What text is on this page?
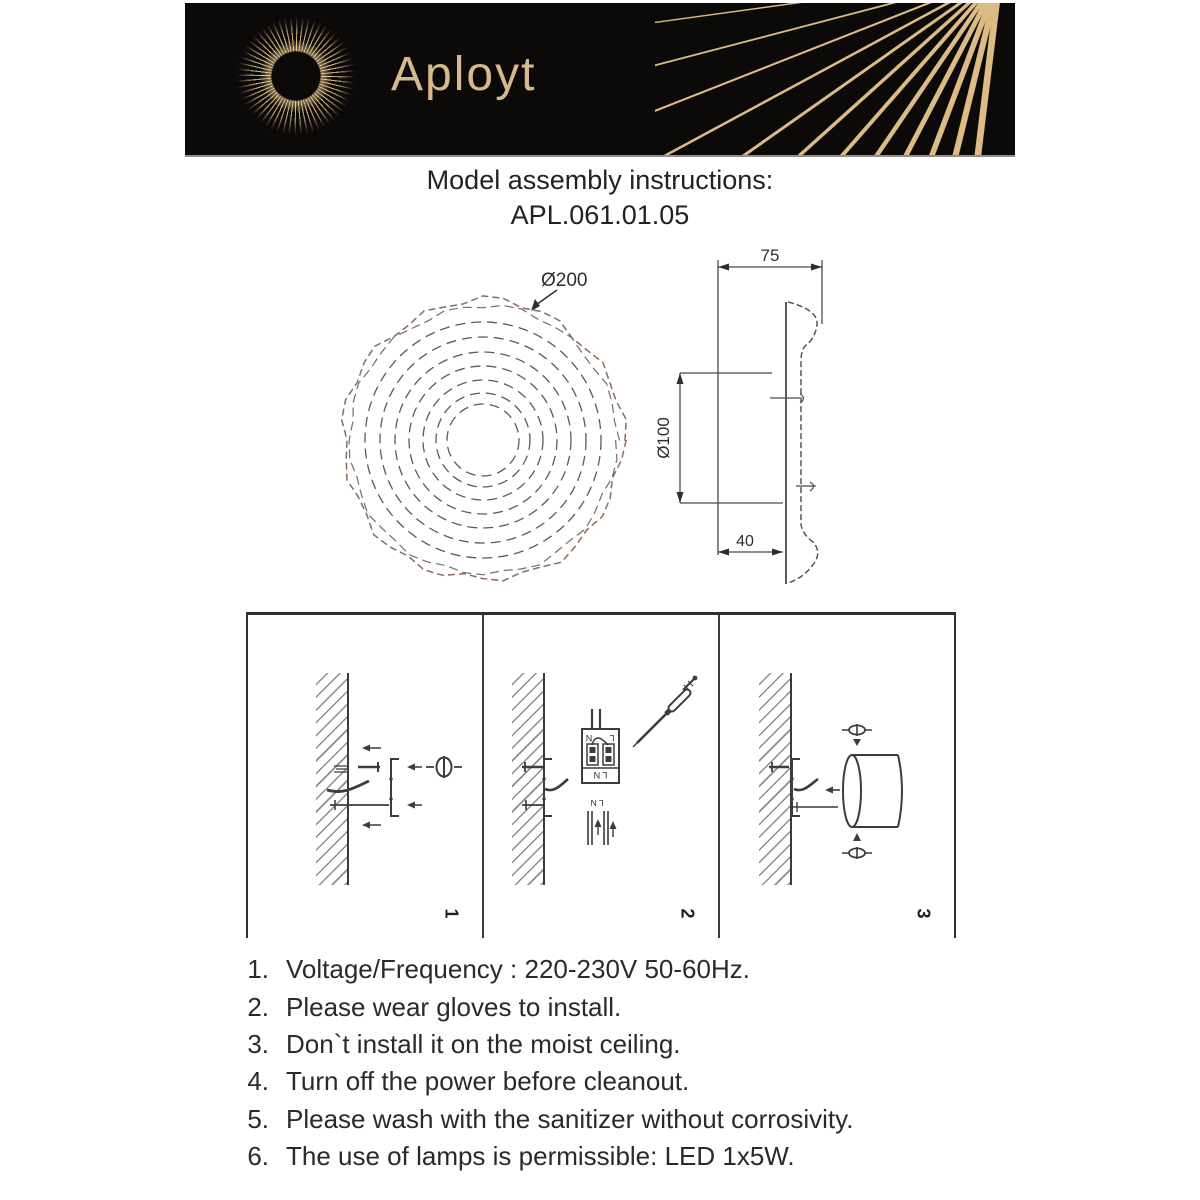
Aployt
Model assembly instructions:
APL.061.01.05
Ø200
75
Ø100
40
1
N L
L N
L N
2	3
1. Voltage/Frequency : 220-230V 50-60Hz.
2. Please wear gloves to install.
3. Don`t install it on the moist ceiling.
4. Turn off the power before cleanout.
5. Please wash with the sanitizer without corrosivity.
6. The use of lamps is permissible: LED 1x5W.
